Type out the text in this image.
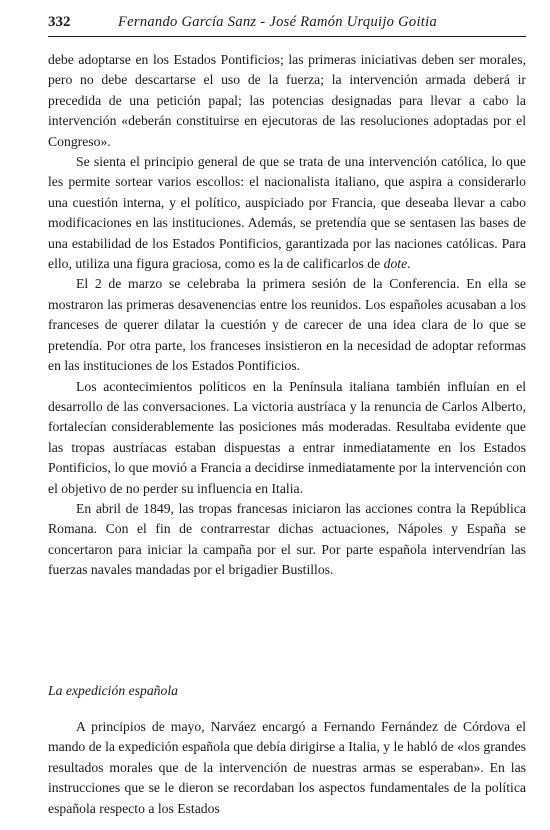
332	Fernando García Sanz - José Ramón Urquijo Goitia

debe adoptarse en los Estados Pontificios; las primeras iniciativas deben ser morales, pero no debe descartarse el uso de la fuerza; la intervención armada deberá ir precedida de una petición papal; las potencias designadas para llevar a cabo la intervención «deberán constituirse en ejecutoras de las resoluciones adoptadas por el Congreso».

Se sienta el principio general de que se trata de una intervención católica, lo que les permite sortear varios escollos: el nacionalista italiano, que aspira a considerarlo una cuestión interna, y el político, auspiciado por Francia, que deseaba llevar a cabo modificaciones en las instituciones. Además, se pretendía que se sentasen las bases de una estabilidad de los Estados Pontificios, garantizada por las naciones católicas. Para ello, utiliza una figura graciosa, como es la de calificarlos de dote.

El 2 de marzo se celebraba la primera sesión de la Conferencia. En ella se mostraron las primeras desavenencias entre los reunidos. Los españoles acusaban a los franceses de querer dilatar la cuestión y de carecer de una idea clara de lo que se pretendía. Por otra parte, los franceses insistieron en la necesidad de adoptar reformas en las instituciones de los Estados Pontificios.

Los acontecimientos políticos en la Península italiana también influían en el desarrollo de las conversaciones. La victoria austríaca y la renuncia de Carlos Alberto, fortalecían considerablemente las posiciones más moderadas. Resultaba evidente que las tropas austríacas estaban dispuestas a entrar inmediatamente en los Estados Pontificios, lo que movió a Francia a decidirse inmediatamente por la intervención con el objetivo de no perder su influencia en Italia.

En abril de 1849, las tropas francesas iniciaron las acciones contra la República Romana. Con el fin de contrarrestar dichas actuaciones, Nápoles y España se concertaron para iniciar la campaña por el sur. Por parte española intervendrían las fuerzas navales mandadas por el brigadier Bustillos.

La expedición española

A principios de mayo, Narváez encargó a Fernando Fernández de Córdova el mando de la expedición española que debía dirigirse a Italia, y le habló de «los grandes resultados morales que de la intervención de nuestras armas se esperaban». En las instrucciones que se le dieron se recordaban los aspectos fundamentales de la política española respecto a los Estados
